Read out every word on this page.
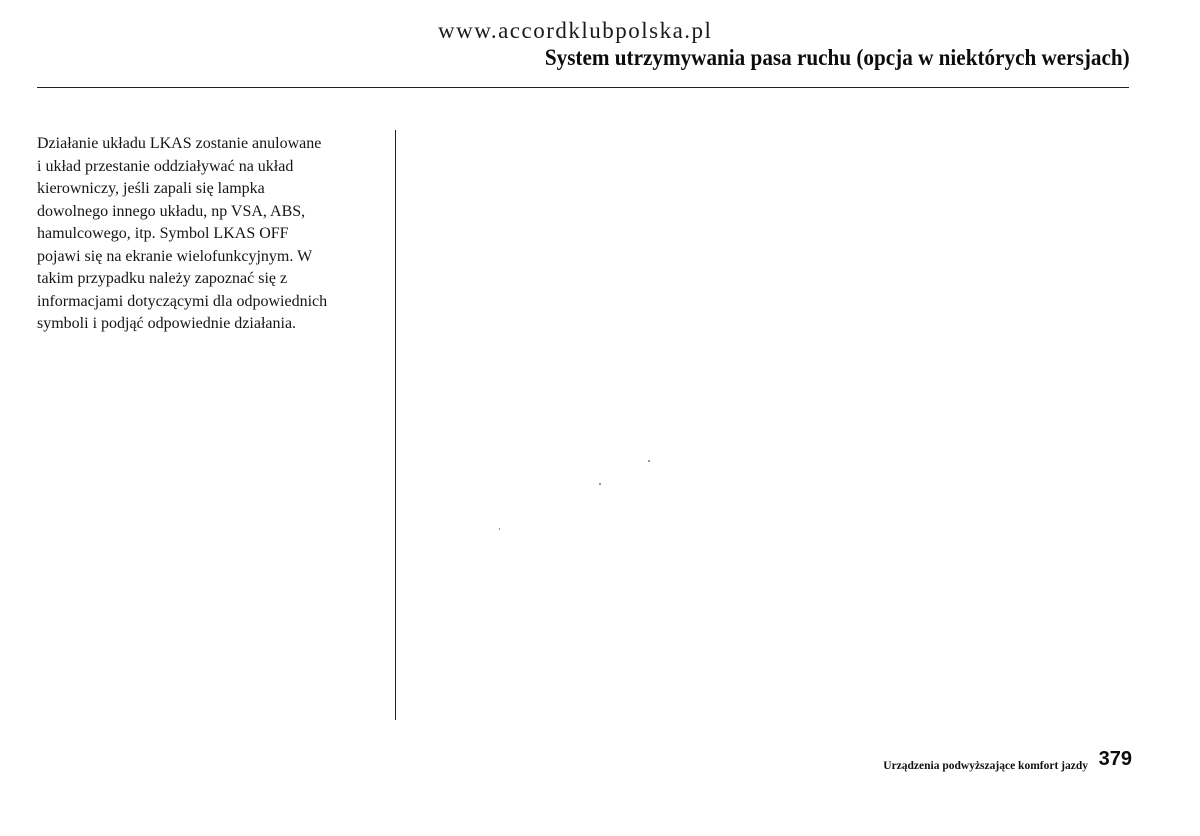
www.accordklubpolska.pl
System utrzymywania pasa ruchu (opcja w niektórych wersjach)
Działanie układu LKAS zostanie anulowane
i układ przestanie oddziaływać na układ
kierowniczy, jeśli zapali się lampka
dowolnego innego układu, np VSA, ABS,
hamulcowego, itp. Symbol LKAS OFF
pojawi się na ekranie wielofunkcyjnym. W
takim przypadku należy zapoznać się z
informacjami dotyczącymi dla odpowiednich
symboli i podjąć odpowiednie działania.
Urządzenia podwyższające komfort jazdy 379
